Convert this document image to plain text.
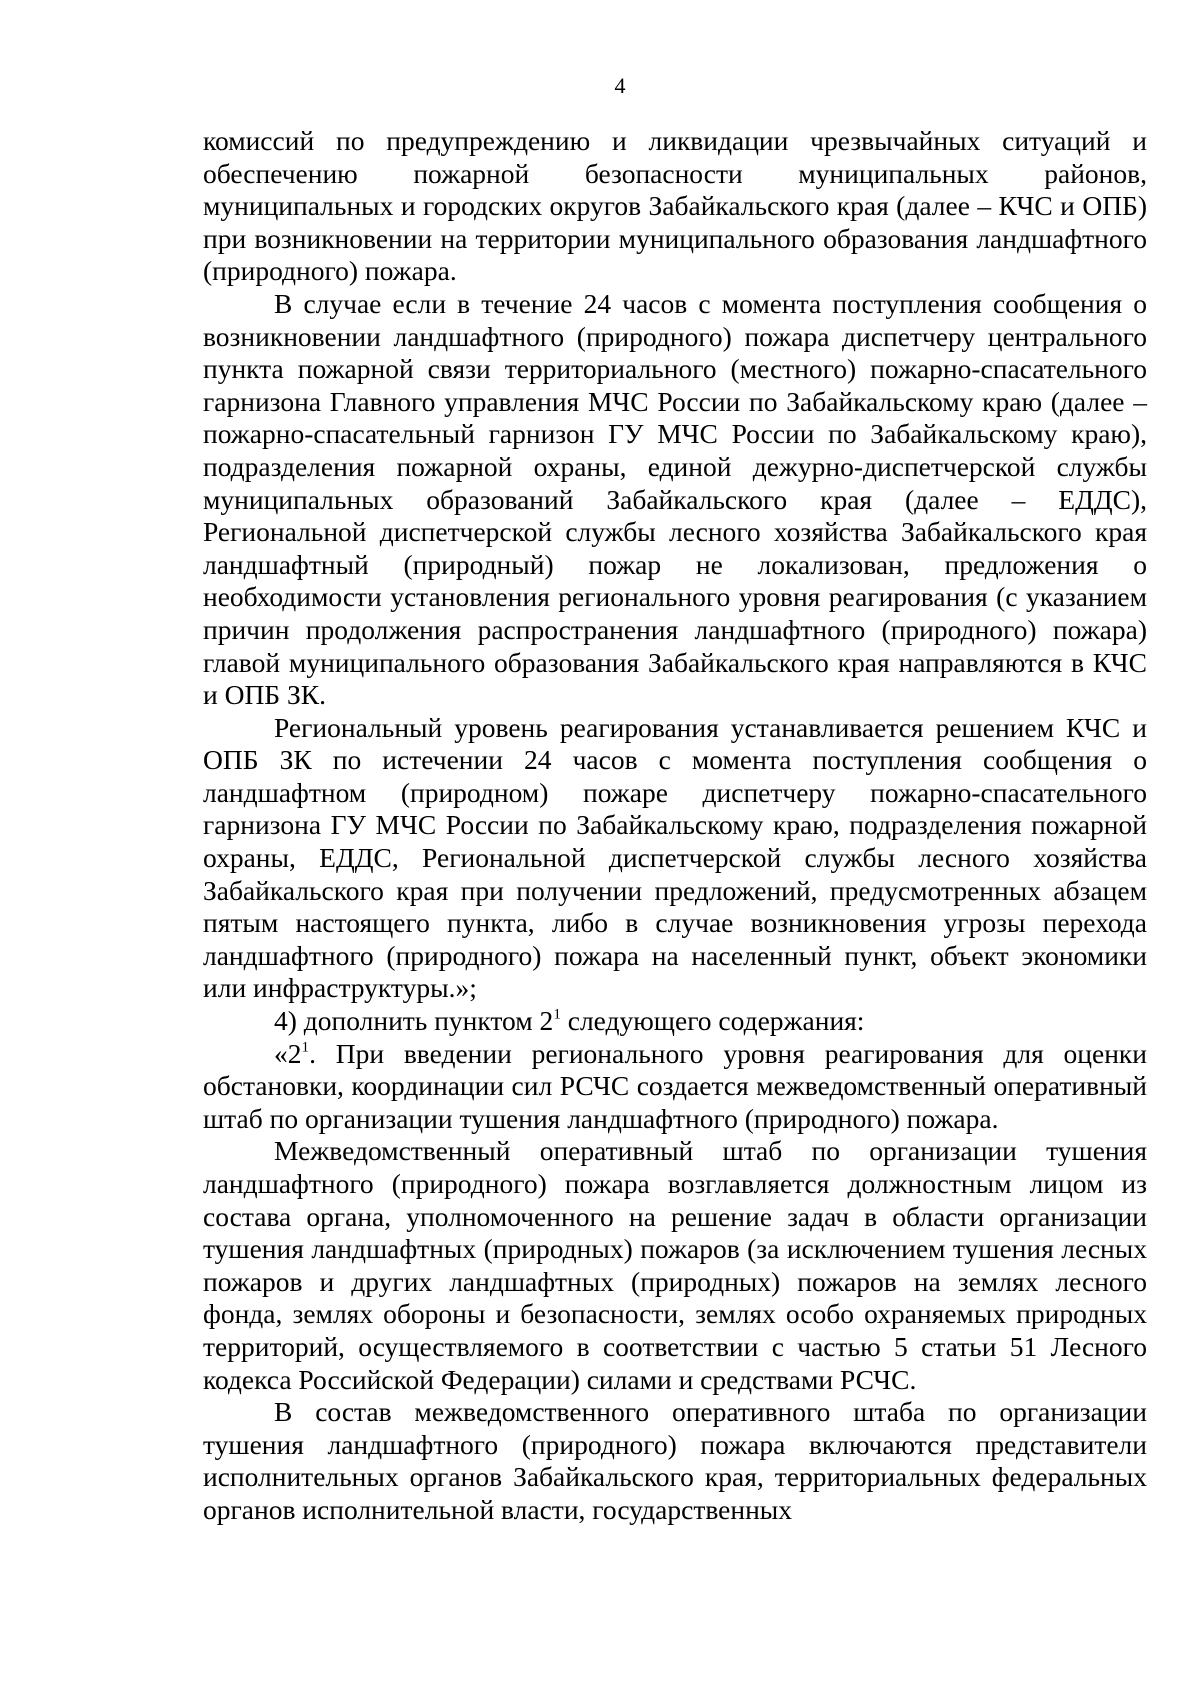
4

комиссий по предупреждению и ликвидации чрезвычайных ситуаций и обеспечению пожарной безопасности муниципальных районов, муниципальных и городских округов Забайкальского края (далее – КЧС и ОПБ) при возникновении на территории муниципального образования ландшафтного (природного) пожара.

В случае если в течение 24 часов с момента поступления сообщения о возникновении ландшафтного (природного) пожара диспетчеру центрального пункта пожарной связи территориального (местного) пожарно-спасательного гарнизона Главного управления МЧС России по Забайкальскому краю (далее – пожарно-спасательный гарнизон ГУ МЧС России по Забайкальскому краю), подразделения пожарной охраны, единой дежурно-диспетчерской службы муниципальных образований Забайкальского края (далее – ЕДДС), Региональной диспетчерской службы лесного хозяйства Забайкальского края ландшафтный (природный) пожар не локализован, предложения о необходимости установления регионального уровня реагирования (с указанием причин продолжения распространения ландшафтного (природного) пожара) главой муниципального образования Забайкальского края направляются в КЧС и ОПБ ЗК.

Региональный уровень реагирования устанавливается решением КЧС и ОПБ ЗК по истечении 24 часов с момента поступления сообщения о ландшафтном (природном) пожаре диспетчеру пожарно-спасательного гарнизона ГУ МЧС России по Забайкальскому краю, подразделения пожарной охраны, ЕДДС, Региональной диспетчерской службы лесного хозяйства Забайкальского края при получении предложений, предусмотренных абзацем пятым настоящего пункта, либо в случае возникновения угрозы перехода ландшафтного (природного) пожара на населенный пункт, объект экономики или инфраструктуры.»;

4) дополнить пунктом $2^1$ следующего содержания:

«$2^1$. При введении регионального уровня реагирования для оценки обстановки, координации сил РСЧС создается межведомственный оперативный штаб по организации тушения ландшафтного (природного) пожара.

Межведомственный оперативный штаб по организации тушения ландшафтного (природного) пожара возглавляется должностным лицом из состава органа, уполномоченного на решение задач в области организации тушения ландшафтных (природных) пожаров (за исключением тушения лесных пожаров и других ландшафтных (природных) пожаров на землях лесного фонда, землях обороны и безопасности, землях особо охраняемых природных территорий, осуществляемого в соответствии с частью 5 статьи 51 Лесного кодекса Российской Федерации) силами и средствами РСЧС.

В состав межведомственного оперативного штаба по организации тушения ландшафтного (природного) пожара включаются представители исполнительных органов Забайкальского края, территориальных федеральных органов исполнительной власти, государственных
